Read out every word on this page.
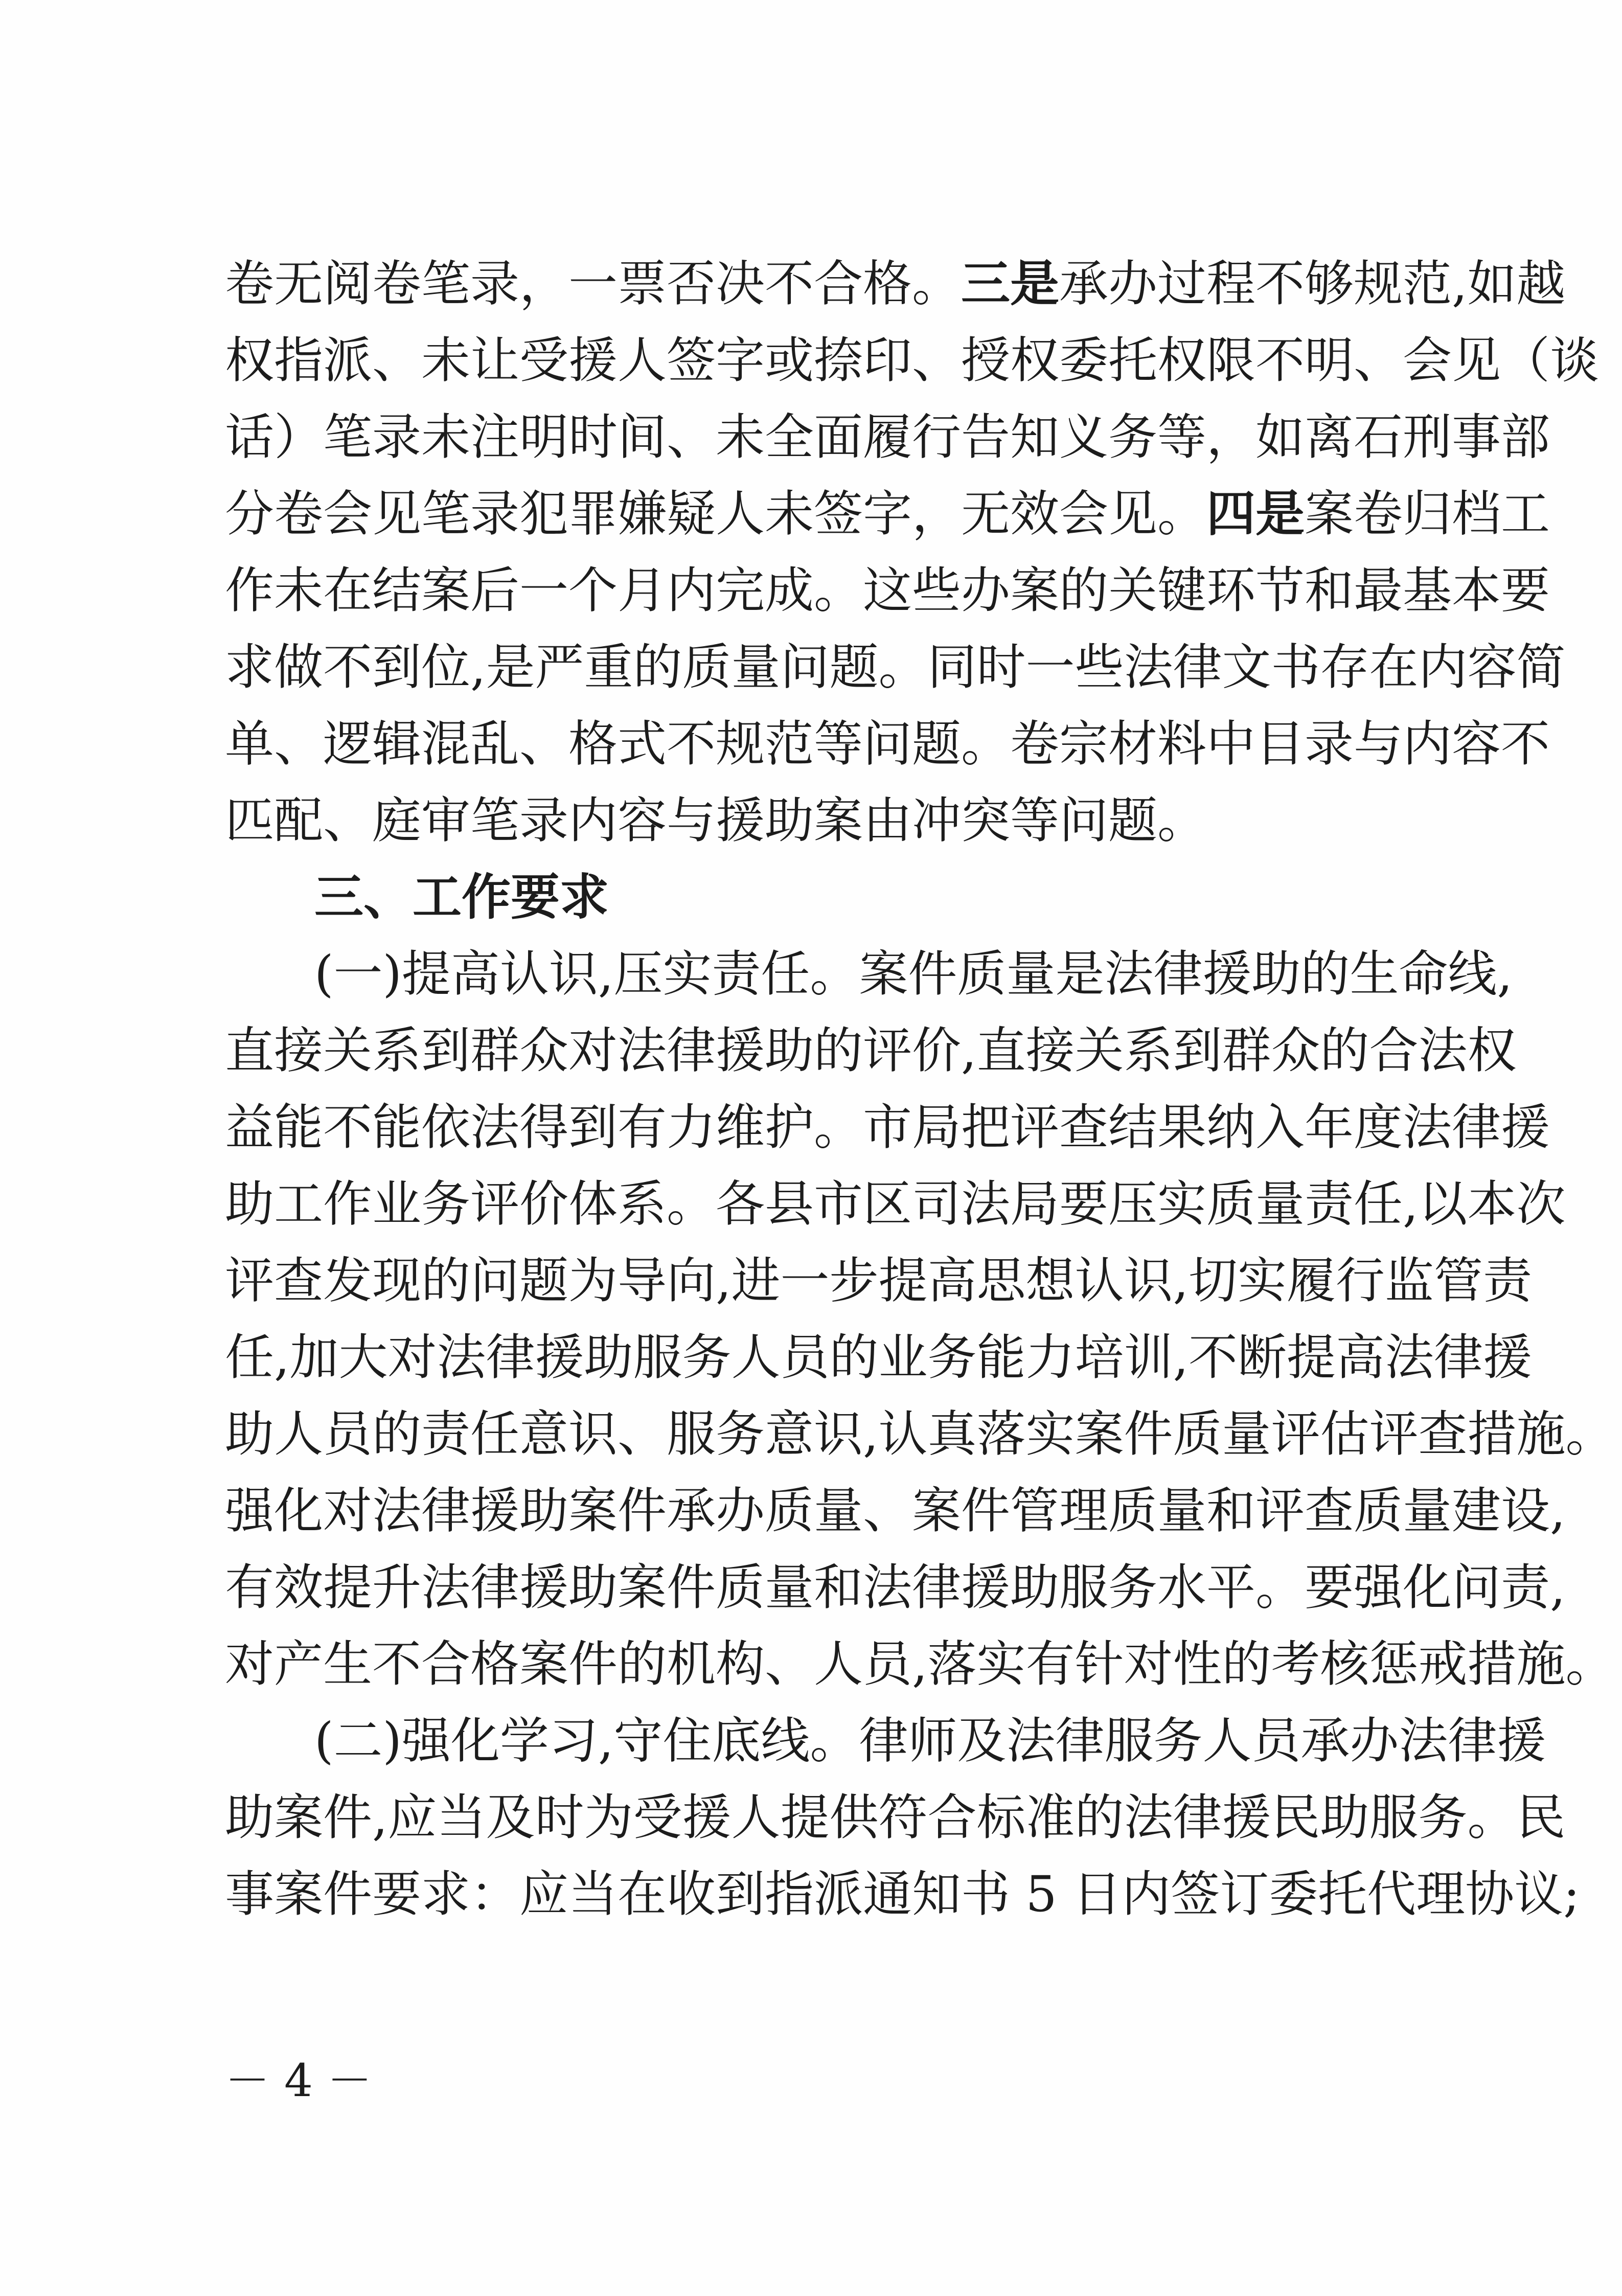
卷无阅卷笔录，一票否决不合格。三是承办过程不够规范,如越
权指派、未让受援人签字或捺印、授权委托权限不明、会见（谈
话）笔录未注明时间、未全面履行告知义务等，如离石刑事部
分卷会见笔录犯罪嫌疑人未签字，无效会见。四是案卷归档工
作未在结案后一个月内完成。这些办案的关键环节和最基本要
求做不到位,是严重的质量问题。同时一些法律文书存在内容简
单、逻辑混乱、格式不规范等问题。卷宗材料中目录与内容不
匹配、庭审笔录内容与援助案由冲突等问题。
三、工作要求
(一)提高认识,压实责任。案件质量是法律援助的生命线,
直接关系到群众对法律援助的评价,直接关系到群众的合法权
益能不能依法得到有力维护。市局把评查结果纳入年度法律援
助工作业务评价体系。各县市区司法局要压实质量责任,以本次
评查发现的问题为导向,进一步提高思想认识,切实履行监管责
任,加大对法律援助服务人员的业务能力培训,不断提高法律援
助人员的责任意识、服务意识,认真落实案件质量评估评查措施。
强化对法律援助案件承办质量、案件管理质量和评查质量建设,
有效提升法律援助案件质量和法律援助服务水平。要强化问责,
对产生不合格案件的机构、人员,落实有针对性的考核惩戒措施。
(二)强化学习,守住底线。律师及法律服务人员承办法律援
助案件,应当及时为受援人提供符合标准的法律援民助服务。民
事案件要求：应当在收到指派通知书 5 日内签订委托代理协议;
－ 4 －
